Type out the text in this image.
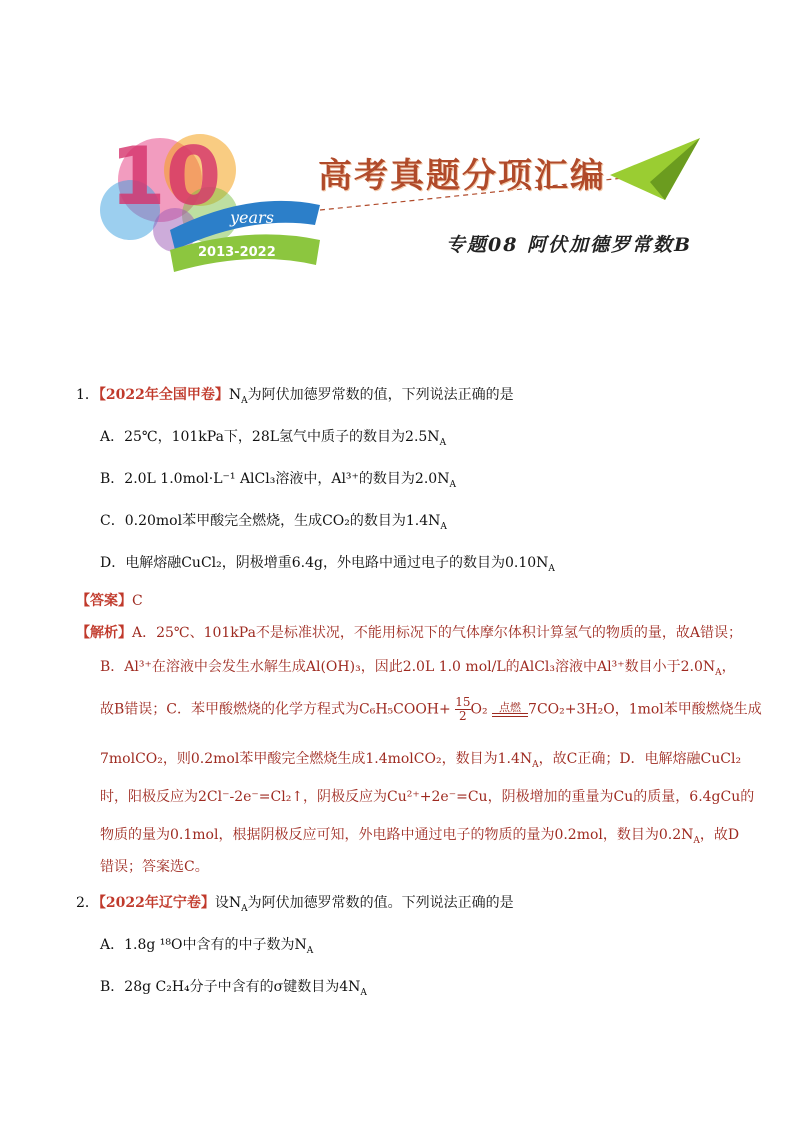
years
2013-2022
10	高考真题分项汇编
专题08 阿伏加德罗常数B
1．【2022年全国甲卷】$N_A$为阿伏加德罗常数的值，下列说法正确的是
A．25℃，101kPa下，28L氢气中质子的数目为$2.5N_A$
B．2.0L 1.0mol·L⁻¹ AlCl₃溶液中，Al³⁺的数目为$2.0N_A$
C．0.20mol苯甲酸完全燃烧，生成CO₂的数目为$1.4N_A$
D．电解熔融CuCl₂，阴极增重6.4g，外电路中通过电子的数目为$0.10N_A$
【答案】C
【解析】A．25℃、101kPa不是标准状况，不能用标况下的气体摩尔体积计算氢气的物质的量，故A错误；
B．Al³⁺在溶液中会发生水解生成Al(OH)₃，因此2.0L 1.0 mol/L的AlCl₃溶液中Al³⁺数目小于$2.0N_A$，
故B错误；C．苯甲酸燃烧的化学方程式为C₆H₅COOH+ $\frac{15}{2} O_2$ 点燃 7CO₂+3H₂O，1mol苯甲酸燃烧生成
7molCO₂，则0.2mol苯甲酸完全燃烧生成1.4molCO₂，数目为$1.4N_A$，故C正确；D．电解熔融CuCl₂
时，阳极反应为2Cl⁻-2e⁻=Cl₂↑，阴极反应为Cu²⁺+2e⁻=Cu，阴极增加的重量为Cu的质量，6.4gCu的
物质的量为0.1mol，根据阴极反应可知，外电路中通过电子的物质的量为0.2mol，数目为$0.2N_A$，故D
错误；答案选C。
2．【2022年辽宁卷】设$N_A$为阿伏加德罗常数的值。下列说法正确的是
A．1.8g ¹⁸O中含有的中子数为$N_A$
B．28g C₂H₄分子中含有的σ键数目为$4N_A$
